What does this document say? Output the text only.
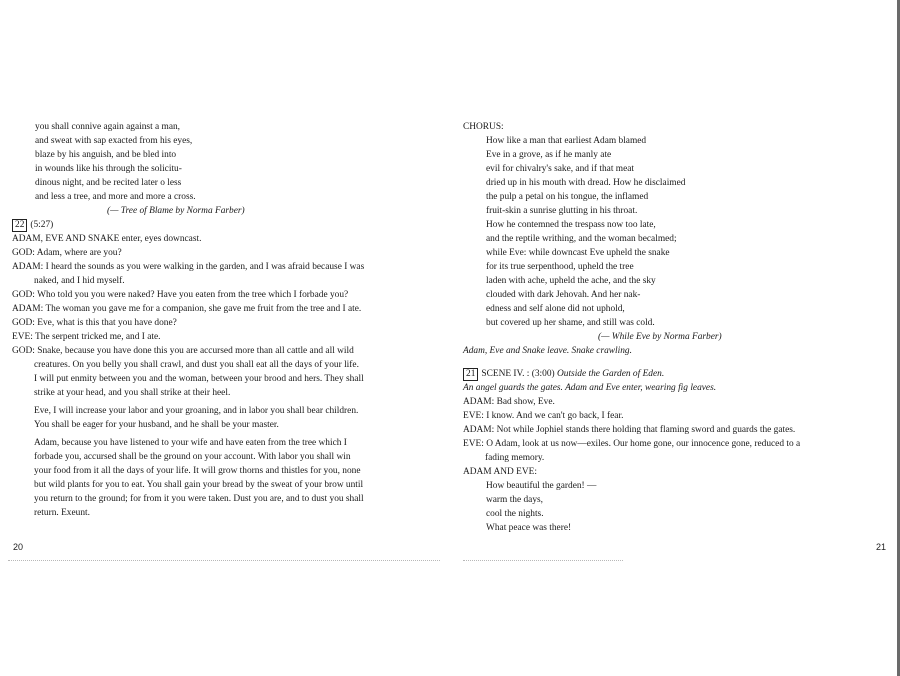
you shall connive again against a man,
and sweat with sap exacted from his eyes,
blaze by his anguish, and be bled into
in wounds like his through the solicitu-
dinous night, and be recited later o less
and less a tree, and more and more a cross.
(— Tree of Blame by Norma Farber)
22 (5:27)
ADAM, EVE AND SNAKE enter, eyes downcast.
GOD: Adam, where are you?
ADAM: I heard the sounds as you were walking in the garden, and I was afraid because I was
naked, and I hid myself.
GOD: Who told you you were naked? Have you eaten from the tree which I forbade you?
ADAM: The woman you gave me for a companion, she gave me fruit from the tree and I ate.
GOD: Eve, what is this that you have done?
EVE: The serpent tricked me, and I ate.
GOD: Snake, because you have done this you are accursed more than all cattle and all wild
creatures. On you belly you shall crawl, and dust you shall eat all the days of your life.
I will put enmity between you and the woman, between your brood and hers. They shall
strike at your head, and you shall strike at their heel.
Eve, I will increase your labor and your groaning, and in labor you shall bear children.
You shall be eager for your husband, and he shall be your master.
Adam, because you have listened to your wife and have eaten from the tree which I
forbade you, accursed shall be the ground on your account. With labor you shall win
your food from it all the days of your life. It will grow thorns and thistles for you, none
but wild plants for you to eat. You shall gain your bread by the sweat of your brow until
you return to the ground; for from it you were taken. Dust you are, and to dust you shall
return. Exeunt.
CHORUS:
How like a man that earliest Adam blamed
Eve in a grove, as if he manly ate
evil for chivalry's sake, and if that meat
dried up in his mouth with dread. How he disclaimed
the pulp a petal on his tongue, the inflamed
fruit-skin a sunrise glutting in his throat.
How he contemned the trespass now too late,
and the reptile writhing, and the woman becalmed;
while Eve: while downcast Eve upheld the snake
for its true serpenthood, upheld the tree
laden with ache, upheld the ache, and the sky
clouded with dark Jehovah. And her nak-
edness and self alone did not uphold,
but covered up her shame, and still was cold.
(— While Eve by Norma Farber)
Adam, Eve and Snake leave. Snake crawling.
21 SCENE IV. : (3:00) Outside the Garden of Eden.
An angel guards the gates. Adam and Eve enter, wearing fig leaves.
ADAM: Bad show, Eve.
EVE: I know. And we can't go back, I fear.
ADAM: Not while Jophiel stands there holding that flaming sword and guards the gates.
EVE: O Adam, look at us now—exiles. Our home gone, our innocence gone, reduced to a
fading memory.
ADAM AND EVE:
How beautiful the garden! —
warm the days,
cool the nights.
What peace was there!
20	21
